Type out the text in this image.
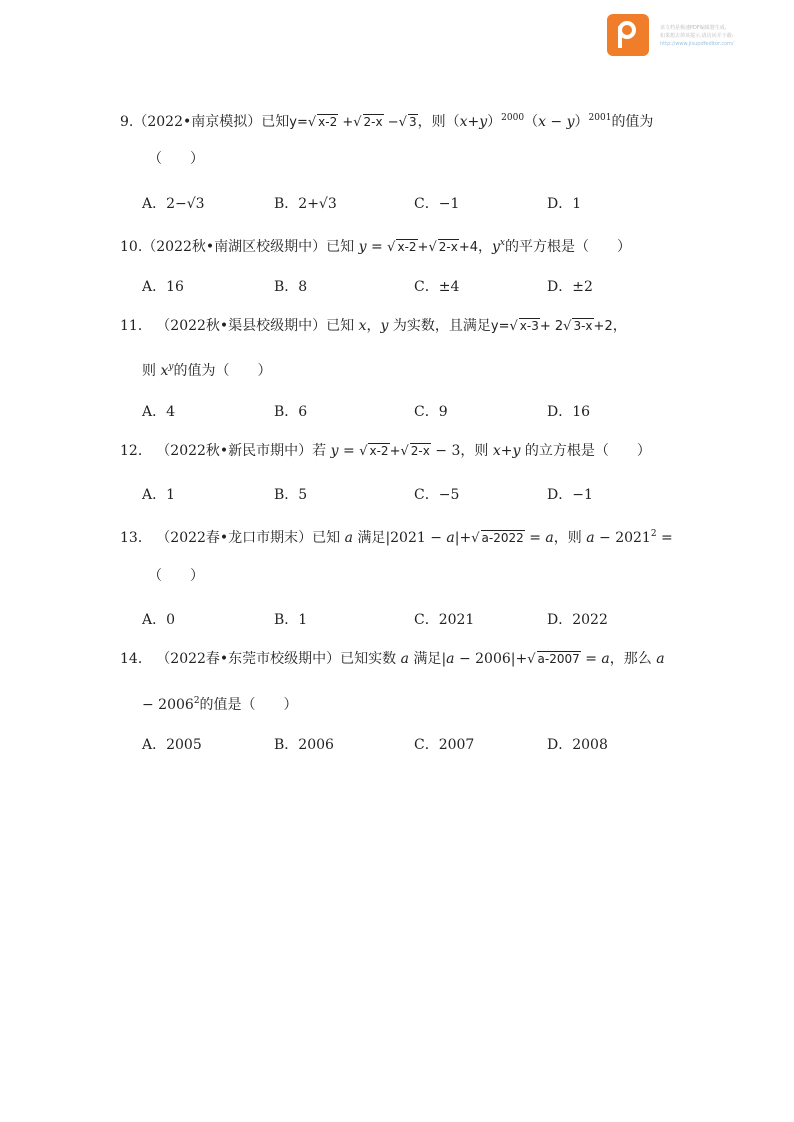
该文档是极速PDF编辑器生成,
如果想去掉该提示,请访问并下载:
http://www.jisupdfeditor.com/
9.（2022•南京模拟）已知y=√ x-2 +√ 2-x −√ 3，则$(x+y)^{2000}(x - y)^{2001}$的值为
（　　）
A．2−√3	B．2+√3	C．−1	D．1
10.（2022秋•南湖区校级期中）已知 y = √ x-2+√ 2-x+4，$y^x$的平方根是（　　）
A．16	B．8	C．±4	D．±2
11． （2022秋•渠县校级期中）已知 x，y 为实数，且满足y=√ x-3+ 2√ 3-x+2，
则 $x^y$的值为（　　）
A．4	B．6	C．9	D．16
12． （2022秋•新民市期中）若 y = √ x-2+√ 2-x − 3，则 x+y 的立方根是（　　）
A．1	B．5	C．−5	D．−1
13． （2022春•龙口市期末）已知 a 满足|2021 − a|+√ a-2022 = a，则 $a - 2021^2$ =
（　　）
A．0	B．1	C．2021	D．2022
14． （2022春•东莞市校级期中）已知实数 a 满足|a − 2006|+√ a-2007 = a，那么 a
− $2006^2$的值是（　　）
A．2005	B．2006	C．2007	D．2008
